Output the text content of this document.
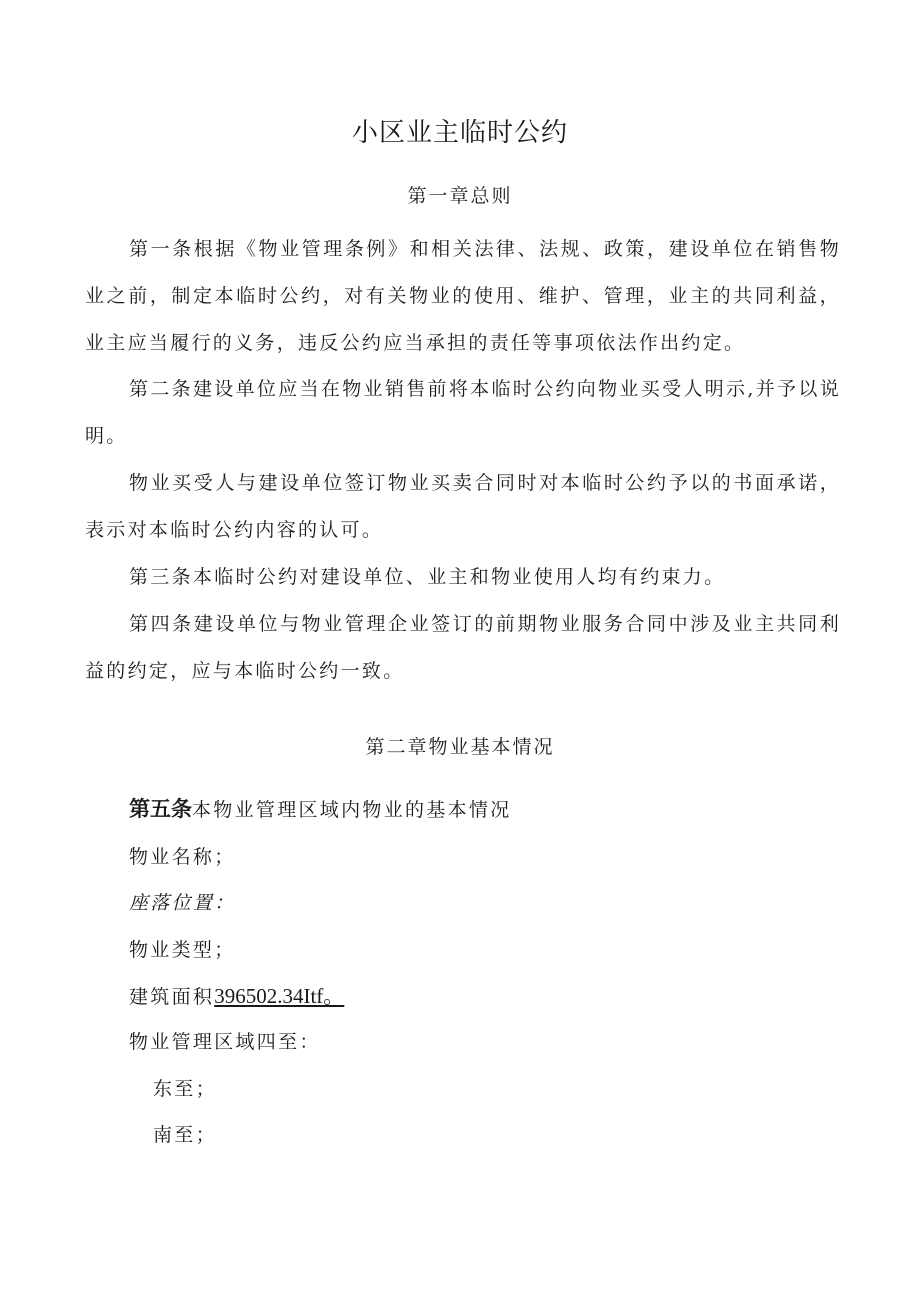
小区业主临时公约
第一章总则

第一条根据《物业管理条例》和相关法律、法规、政策，建设单位在销售物业之前，制定本临时公约，对有关物业的使用、维护、管理，业主的共同利益，业主应当履行的义务，违反公约应当承担的责任等事项依法作出约定。

第二条建设单位应当在物业销售前将本临时公约向物业买受人明示,并予以说明。

物业买受人与建设单位签订物业买卖合同时对本临时公约予以的书面承诺，表示对本临时公约内容的认可。

第三条本临时公约对建设单位、业主和物业使用人均有约束力。

第四条建设单位与物业管理企业签订的前期物业服务合同中涉及业主共同利益的约定，应与本临时公约一致。

第二章物业基本情况
第五条本物业管理区域内物业的基本情况
物业名称；
座落位置：
物业类型；
建筑面积396502.34Itf。
物业管理区域四至：
东至；
南至；
